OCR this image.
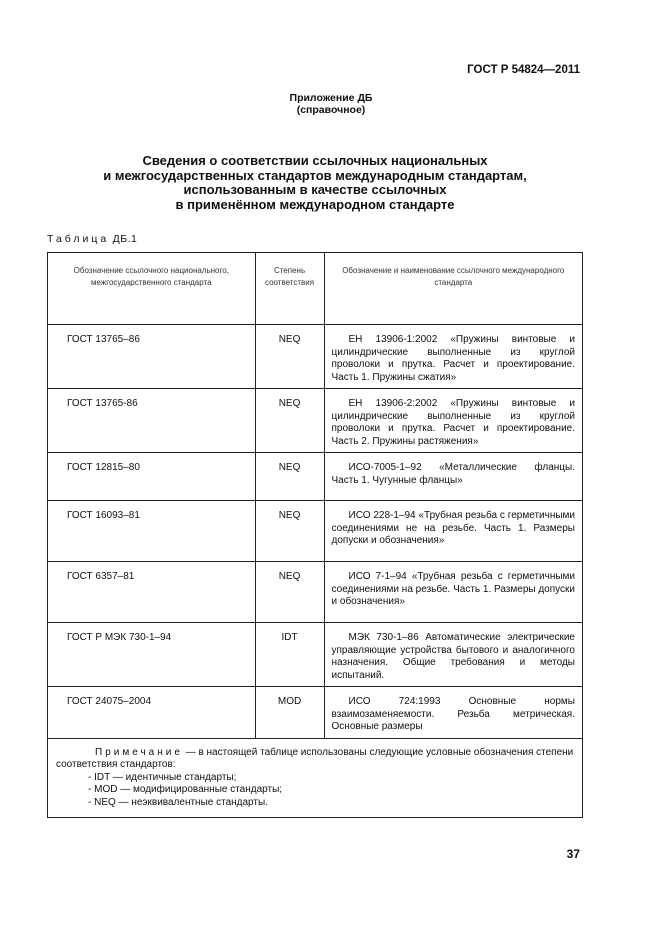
ГОСТ Р 54824—2011
Приложение ДБ
(справочное)
Сведения о соответствии ссылочных национальных
и межгосударственных стандартов международным стандартам,
использованным в качестве ссылочных
в применённом международном стандарте
Таблица ДБ.1
Обозначение ссылочного национального, межгосударственного стандарта	Степень соответствия	Обозначение и наименование ссылочного международного стандарта
ГОСТ 13765–86	NEQ	ЕН 13906-1:2002 «Пружины винтовые и цилиндрические выполненные из круглой проволоки и прутка. Расчет и проектирование. Часть 1. Пружины сжатия»
ГОСТ 13765-86	NEQ	ЕН 13906-2:2002 «Пружины винтовые и цилиндрические выполненные из круглой проволоки и прутка. Расчет и проектирование. Часть 2. Пружины растяжения»
ГОСТ 12815–80	NEQ	ИСО-7005-1–92 «Металлические фланцы. Часть 1. Чугунные фланцы»
ГОСТ 16093–81	NEQ	ИСО 228-1–94 «Трубная резьба с герметичными соединениями не на резьбе. Часть 1. Размеры допуски и обозначения»
ГОСТ 6357–81	NEQ	ИСО 7-1–94 «Трубная резьба с герметичными соединениями на резьбе. Часть 1. Размеры допуски и обозначения»
ГОСТ Р МЭК 730-1–94	IDT	МЭК 730-1–86 Автоматические электрические управляющие устройства бытового и аналогичного назначения. Общие требования и методы испытаний.
ГОСТ 24075–2004	MOD	ИСО 724:1993 Основные нормы взаимозаменяемости. Резьба метрическая. Основные размеры

Примечание — в настоящей таблице использованы следующие условные обозначения степени соответствия стандартов:
- IDT — идентичные стандарты;
- MOD — модифицированные стандарты;
- NEQ — неэквивалентные стандарты.		
37
